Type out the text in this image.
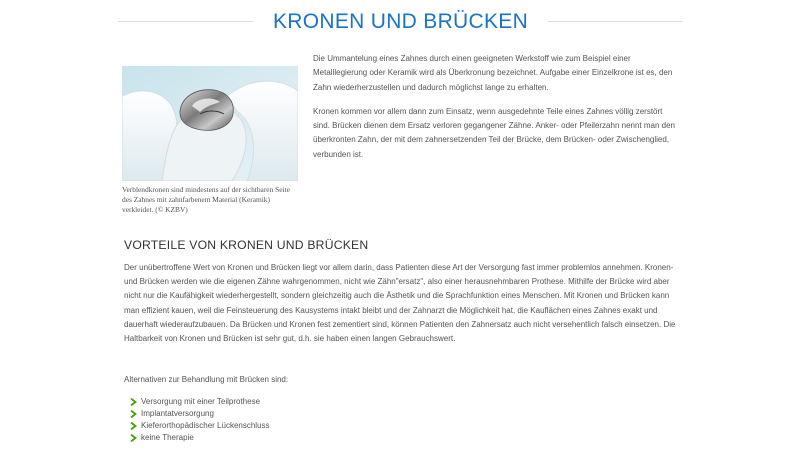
KRONEN UND BRÜCKEN
Verblendkronen sind mindestens auf der sichtbaren Seite des Zahnes mit zahnfarbenem Material (Keramik) verkleidet. (© KZBV)

Die Ummantelung eines Zahnes durch einen geeigneten Werkstoff wie zum Beispiel einer Metalllegierung oder Keramik wird als Überkronung bezeichnet. Aufgabe einer Einzelkrone ist es, den Zahn wiederherzustellen und dadurch möglichst lange zu erhalten.

Kronen kommen vor allem dann zum Einsatz, wenn ausgedehnte Teile eines Zahnes völlig zerstört sind. Brücken dienen dem Ersatz verloren gegangener Zähne. Anker- oder Pfeilerzahn nennt man den überkronten Zahn, der mit dem zahnersetzenden Teil der Brücke, dem Brücken- oder Zwischenglied, verbunden ist.

VORTEILE VON KRONEN UND BRÜCKEN

Der unübertroffene Wert von Kronen und Brücken liegt vor allem darin, dass Patienten diese Art der Versorgung fast immer problemlos annehmen. Kronen- und Brücken werden wie die eigenen Zähne wahrgenommen, nicht wie Zähn"ersatz", also einer herausnehmbaren Prothese. Mithilfe der Brücke wird aber nicht nur die Kaufähigkeit wiederhergestellt, sondern gleichzeitig auch die Ästhetik und die Sprachfunktion eines Menschen. Mit Kronen und Brücken kann man effizient kauen, weil die Feinsteuerung des Kausystems intakt bleibt und der Zahnarzt die Möglichkeit hat, die Kauflächen eines Zahnes exakt und dauerhaft wiederaufzubauen. Da Brücken und Kronen fest zementiert sind, können Patienten den Zahnersatz auch nicht versehentlich falsch einsetzen. Die Haltbarkeit von Kronen und Brücken ist sehr gut, d.h. sie haben einen langen Gebrauchswert.

Alternativen zur Behandlung mit Brücken sind:
Versorgung mit einer Teilprothese
Implantatversorgung
Kieferorthopädischer Lückenschluss
keine Therapie
